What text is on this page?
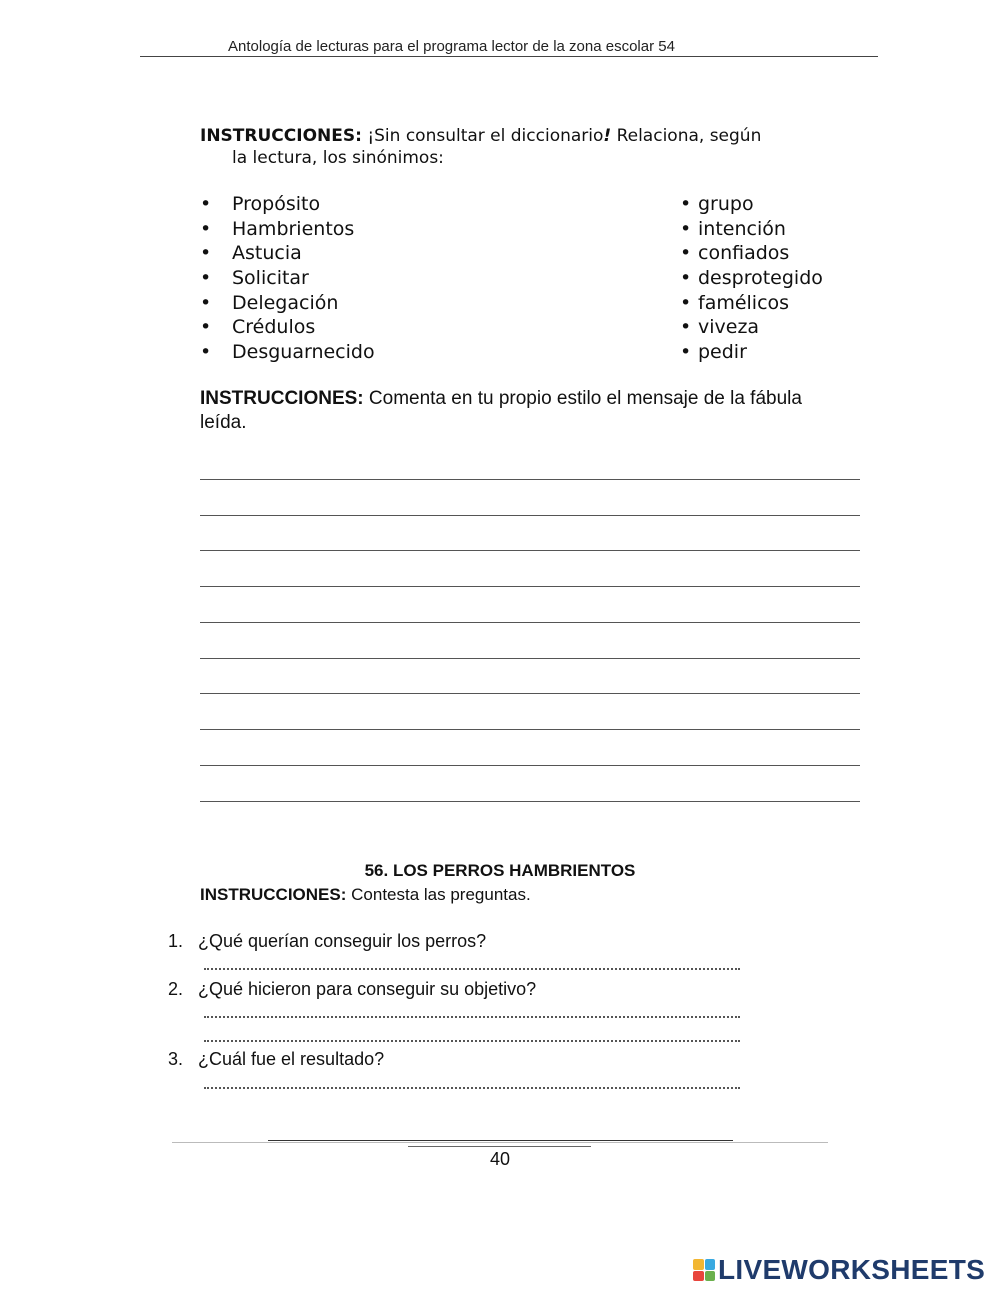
Antología de lecturas para el programa lector de la zona escolar 54
INSTRUCCIONES: ¡Sin consultar el diccionario! Relaciona, según
la lectura, los sinónimos:
• Propósito
• Hambrientos
• Astucia
• Solicitar
• Delegación
• Crédulos
• Desguarnecido
• grupo
• intención
• confiados
• desprotegido
• famélicos
• viveza
• pedir
INSTRUCCIONES: Comenta en tu propio estilo el mensaje de la fábula leída.
56. LOS PERROS HAMBRIENTOS
INSTRUCCIONES: Contesta las preguntas.
1. ¿Qué querían conseguir los perros?
2. ¿Qué hicieron para conseguir su objetivo?
3. ¿Cuál fue el resultado?
40
LIVEWORKSHEETS
